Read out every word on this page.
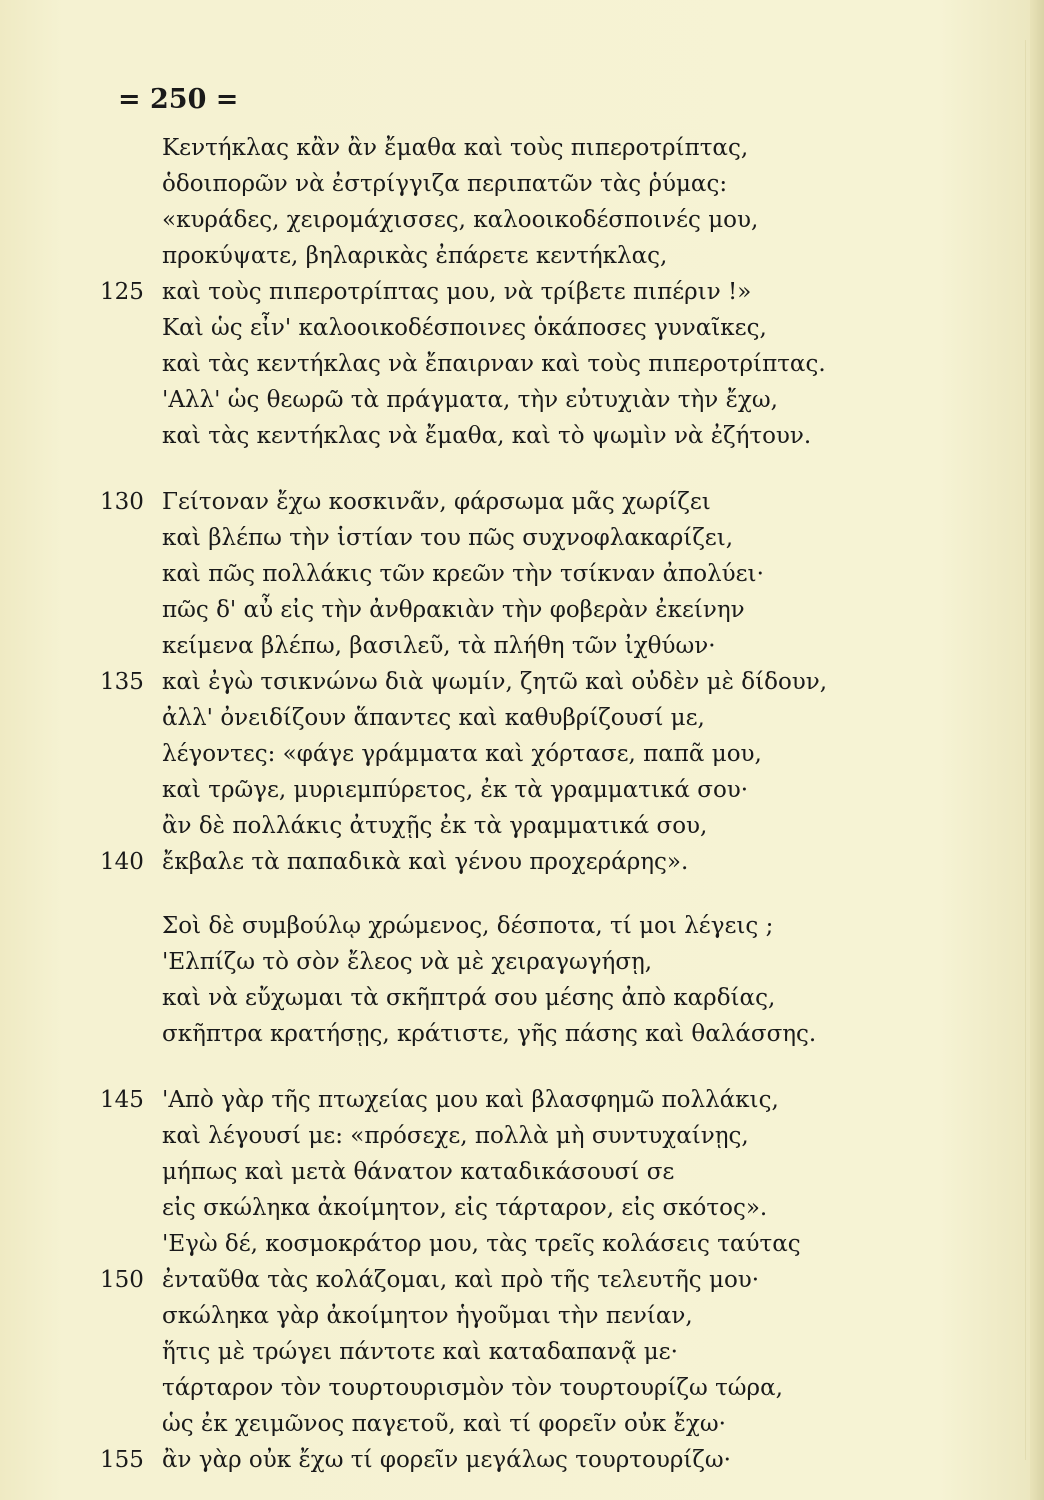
= 250 =
Κεντήκλας κἂν ἂν ἔμαθα καὶ τοὺς πιπεροτρίπτας,
ὁδοιπορῶν νὰ ἐστρίγγιζα περιπατῶν τὰς ῥύμας:
«κυράδες, χειρομάχισσες, καλοοικοδέσποινές μου,
προκύψατε, βηλαρικὰς ἐπάρετε κεντήκλας,
125 καὶ τοὺς πιπεροτρίπτας μου, νὰ τρίβετε πιπέριν !»
Καὶ ὡς εἶν' καλοοικοδέσποινες ὁκάποσες γυναῖκες,
καὶ τὰς κεντήκλας νὰ ἔπαιρναν καὶ τοὺς πιπεροτρίπτας.
'Αλλ' ὡς θεωρῶ τὰ πράγματα, τὴν εὐτυχιὰν τὴν ἔχω,
καὶ τὰς κεντήκλας νὰ ἔμαθα, καὶ τὸ ψωμὶν νὰ ἐζήτουν.
130 Γείτοναν ἔχω κοσκινᾶν, φάρσωμα μᾶς χωρίζει
καὶ βλέπω τὴν ἱστίαν του πῶς συχνοφλακαρίζει,
καὶ πῶς πολλάκις τῶν κρεῶν τὴν τσίκναν ἀπολύει·
πῶς δ' αὖ εἰς τὴν ἀνθρακιὰν τὴν φοβερὰν ἐκείνην
κείμενα βλέπω, βασιλεῦ, τὰ πλήθη τῶν ἰχθύων·
135 καὶ ἐγὼ τσικνώνω διὰ ψωμίν, ζητῶ καὶ οὐδὲν μὲ δίδουν,
ἀλλ' ὀνειδίζουν ἅπαντες καὶ καθυβρίζουσί με,
λέγοντες: «φάγε γράμματα καὶ χόρτασε, παπᾶ μου,
καὶ τρῶγε, μυριεμπύρετος, ἐκ τὰ γραμματικά σου·
ἂν δὲ πολλάκις ἀτυχῇς ἐκ τὰ γραμματικά σου,
140 ἔκβαλε τὰ παπαδικὰ καὶ γένου προχεράρης».
Σοὶ δὲ συμβούλῳ χρώμενος, δέσποτα, τί μοι λέγεις ;
'Ελπίζω τὸ σὸν ἔλεος νὰ μὲ χειραγωγήσῃ,
καὶ νὰ εὔχωμαι τὰ σκῆπτρά σου μέσης ἀπὸ καρδίας,
σκῆπτρα κρατήσῃς, κράτιστε, γῆς πάσης καὶ θαλάσσης.
145 'Απὸ γὰρ τῆς πτωχείας μου καὶ βλασφημῶ πολλάκις,
καὶ λέγουσί με: «πρόσεχε, πολλὰ μὴ συντυχαίνῃς,
μήπως καὶ μετὰ θάνατον καταδικάσουσί σε
εἰς σκώληκα ἀκοίμητον, εἰς τάρταρον, εἰς σκότος».
'Εγὼ δέ, κοσμοκράτορ μου, τὰς τρεῖς κολάσεις ταύτας
150 ἐνταῦθα τὰς κολάζομαι, καὶ πρὸ τῆς τελευτῆς μου·
σκώληκα γὰρ ἀκοίμητον ἡγοῦμαι τὴν πενίαν,
ἥτις μὲ τρώγει πάντοτε καὶ καταδαπανᾷ με·
τάρταρον τὸν τουρτουρισμὸν τὸν τουρτουρίζω τώρα,
ὡς ἐκ χειμῶνος παγετοῦ, καὶ τί φορεῖν οὐκ ἔχω·
155 ἂν γὰρ οὐκ ἔχω τί φορεῖν μεγάλως τουρτουρίζω·
